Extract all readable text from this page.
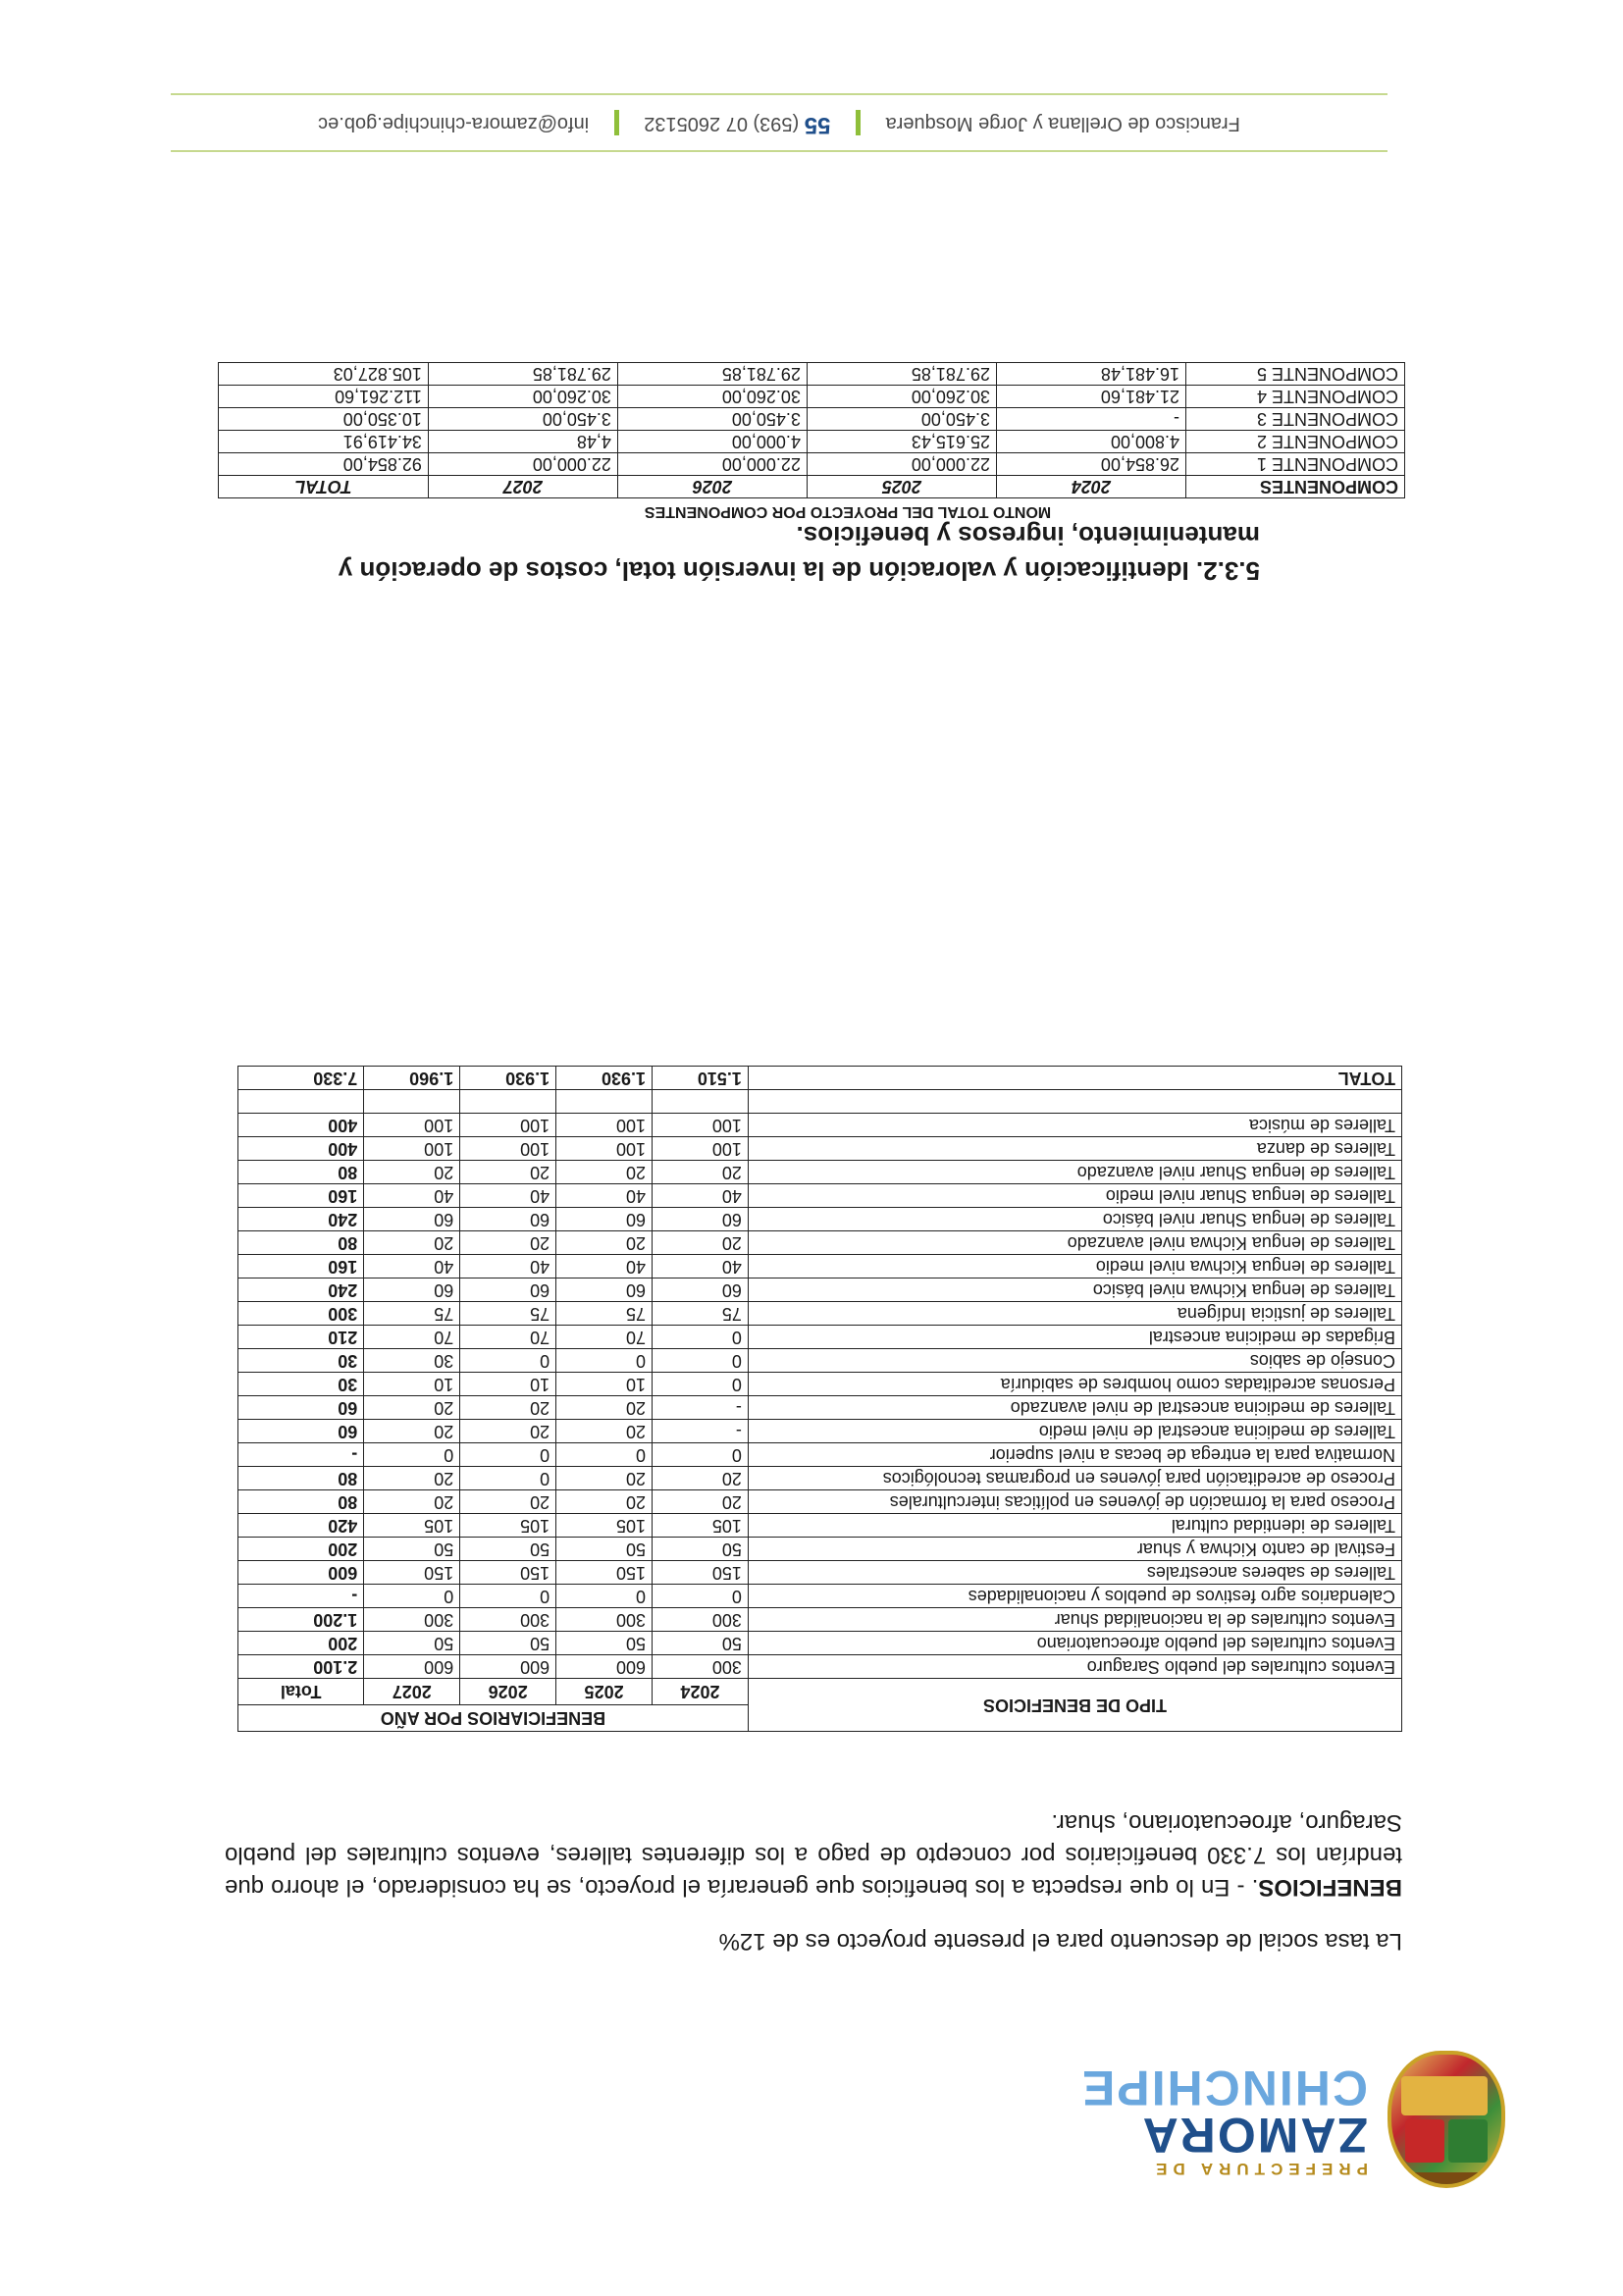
PREFECTURA DE
ZAMORA
CHINCHIPE
La tasa social de descuento para el presente proyecto es de 12%
BENEFICIOS. - En lo que respecta a los beneficios que generaría el proyecto, se ha considerado, el ahorro que tendrían los 7.330 beneficiarios por concepto de pago a los diferentes talleres, eventos culturales del pueblo Saraguro, afroecuatoriano, shuar.
TIPO DE BENEFICIOS	BENEFICIARIOS POR AÑO				
	2024	2025	2026	2027	Total
Eventos culturales del pueblo Saraguro	300	600	600	600	2.100
Eventos culturales del pueblo afroecuatoriano	50	50	50	50	200
Eventos culturales de la nacionalidad shuar	300	300	300	300	1.200
Calendarios agro festivos de pueblos y nacionalidades	0	0	0	0	-
Talleres de saberes ancestrales	150	150	150	150	600
Festival de canto Kichwa y shuar	50	50	50	50	200
Talleres de identidad cultural	105	105	105	105	420
Proceso para la formación de jóvenes en políticas interculturales	20	20	20	20	80
Proceso de acreditación para jóvenes en programas tecnológicos	20	20	0	20	80
Normativa para la entrega de becas a nivel superior	0	0	0	0	-
Talleres de medicina ancestral de nivel medio	-	20	20	20	60
Talleres de medicina ancestral de nivel avanzado	-	20	20	20	60
Personas acreditadas como hombres de sabiduría	0	10	10	10	30
Consejo de sabios	0	0	0	30	30
Brigadas de medicina ancestral	0	70	70	70	210
Talleres de justicia Indígena	75	75	75	75	300
Talleres de lengua Kichwa nivel básico	60	60	60	60	240
Talleres de lengua Kichwa nivel medio	40	40	40	40	160
Talleres de lengua Kichwa nivel avanzado	20	20	20	20	80
Talleres de lengua Shuar nivel básico	60	60	60	60	240
Talleres de lengua Shuar nivel medio	40	40	40	40	160
Talleres de lengua Shuar nivel avanzado	20	20	20	20	80
Talleres de danza	100	100	100	100	400
Talleres de música	100	100	100	100	400

TOTAL	1.510	1.930	1.930	1.960	7.330
5.3.2. Identificación y valoración de la inversión total, costos de operación y mantenimiento, ingresos y beneficios.
MONTO TOTAL DEL PROYECTO POR COMPONENTES
COMPONENTES	2024	2025	2026	2027	TOTAL
COMPONENTE 1	26.854,00	22.000,00	22.000,00	22.000,00	92.854,00
COMPONENTE 2	4.800,00	25.615,43	4.000,00	4,48	34.419,91
COMPONENTE 3	-	3.450,00	3.450,00	3.450,00	10.350,00
COMPONENTE 4	21.481,60	30.260,00	30.260,00	30.260,00	112.261,60
COMPONENTE 5	16.481,48	29.781,85	29.781,85	29.781,85	105.827,03
Francisco de Orellana y Jorge Mosquera  55 (593) 07 2605132  info@zamora-chinchipe.gob.ec
